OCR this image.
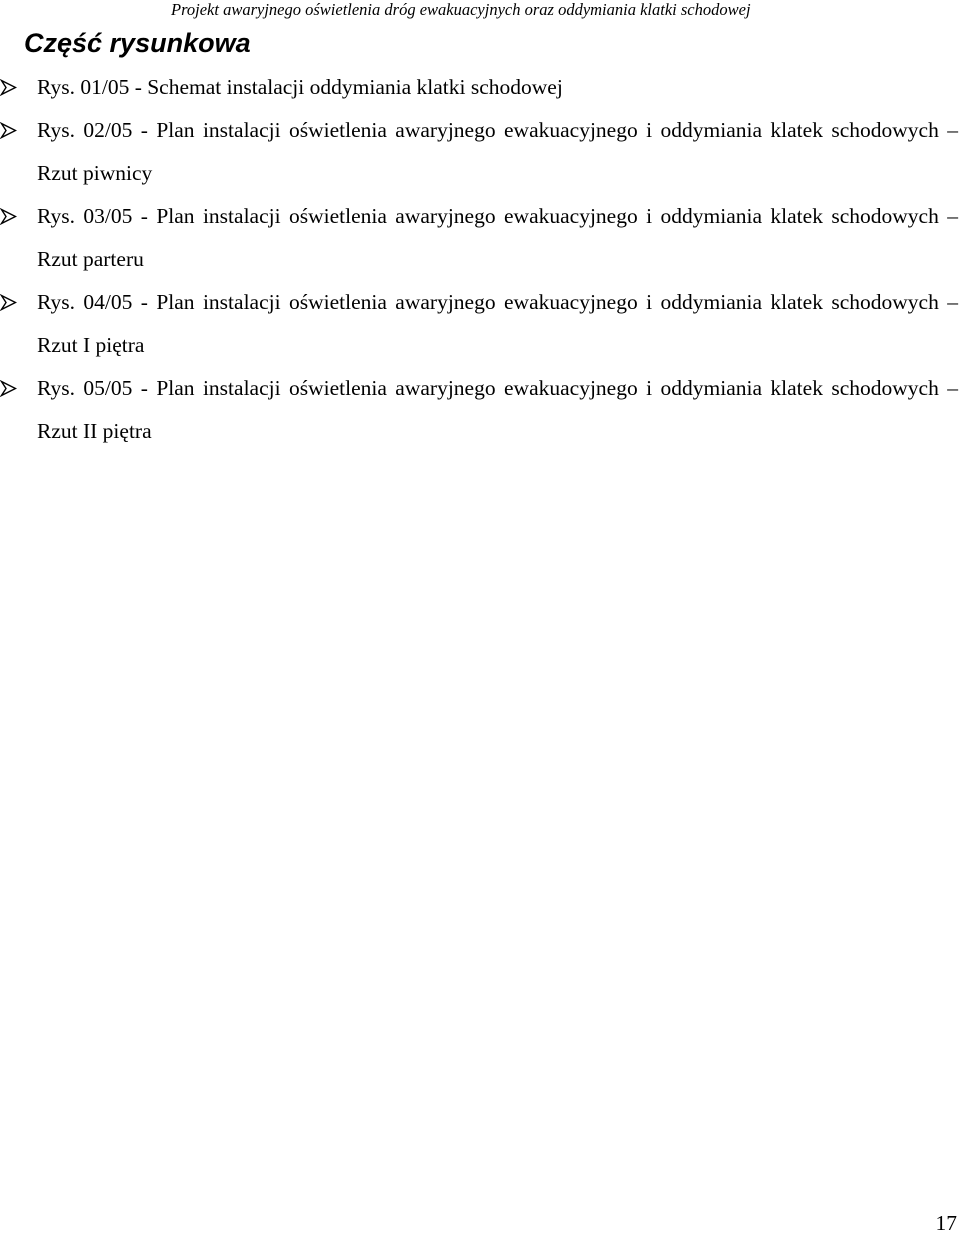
Projekt awaryjnego oświetlenia dróg ewakuacyjnych oraz oddymiania klatki schodowej
Część rysunkowa
Rys. 01/05 - Schemat instalacji oddymiania klatki schodowej
Rys. 02/05 - Plan instalacji oświetlenia awaryjnego ewakuacyjnego i oddymiania klatek schodowych – Rzut piwnicy
Rys. 03/05 - Plan instalacji oświetlenia awaryjnego ewakuacyjnego i oddymiania klatek schodowych – Rzut parteru
Rys. 04/05 - Plan instalacji oświetlenia awaryjnego ewakuacyjnego i oddymiania klatek schodowych – Rzut I piętra
Rys. 05/05 - Plan instalacji oświetlenia awaryjnego ewakuacyjnego i oddymiania klatek schodowych – Rzut II piętra
17
